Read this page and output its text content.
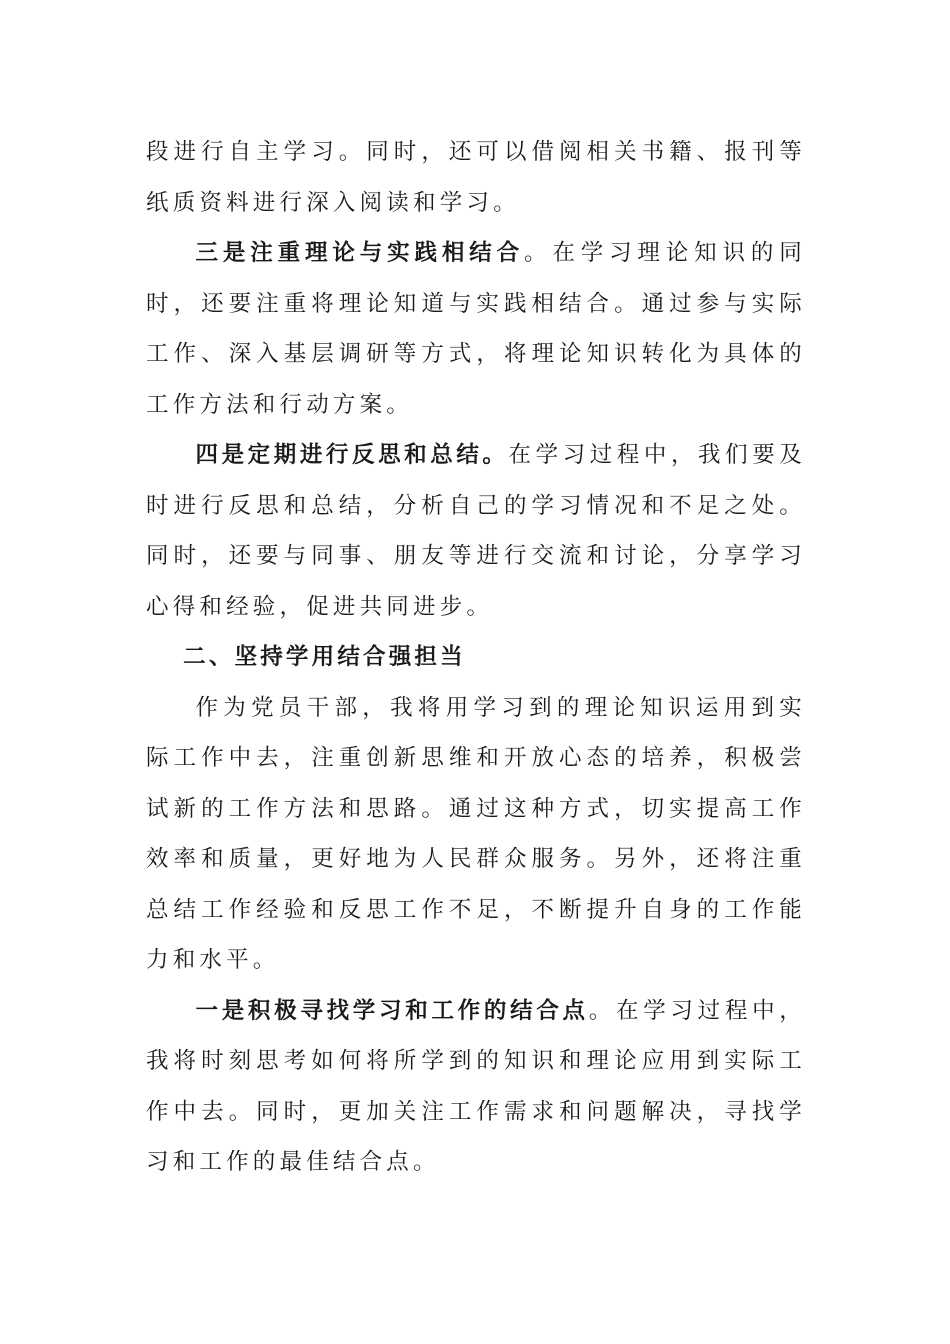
段进行自主学习。同时，还可以借阅相关书籍、报刊等纸质资料进行深入阅读和学习。

三是注重理论与实践相结合。在学习理论知识的同时，还要注重将理论知道与实践相结合。通过参与实际工作、深入基层调研等方式，将理论知识转化为具体的工作方法和行动方案。

四是定期进行反思和总结。在学习过程中，我们要及时进行反思和总结，分析自己的学习情况和不足之处。同时，还要与同事、朋友等进行交流和讨论，分享学习心得和经验，促进共同进步。

二、坚持学用结合强担当

作为党员干部，我将用学习到的理论知识运用到实际工作中去，注重创新思维和开放心态的培养，积极尝试新的工作方法和思路。通过这种方式，切实提高工作效率和质量，更好地为人民群众服务。另外，还将注重总结工作经验和反思工作不足，不断提升自身的工作能力和水平。

一是积极寻找学习和工作的结合点。在学习过程中，我将时刻思考如何将所学到的知识和理论应用到实际工作中去。同时，更加关注工作需求和问题解决，寻找学习和工作的最佳结合点。
